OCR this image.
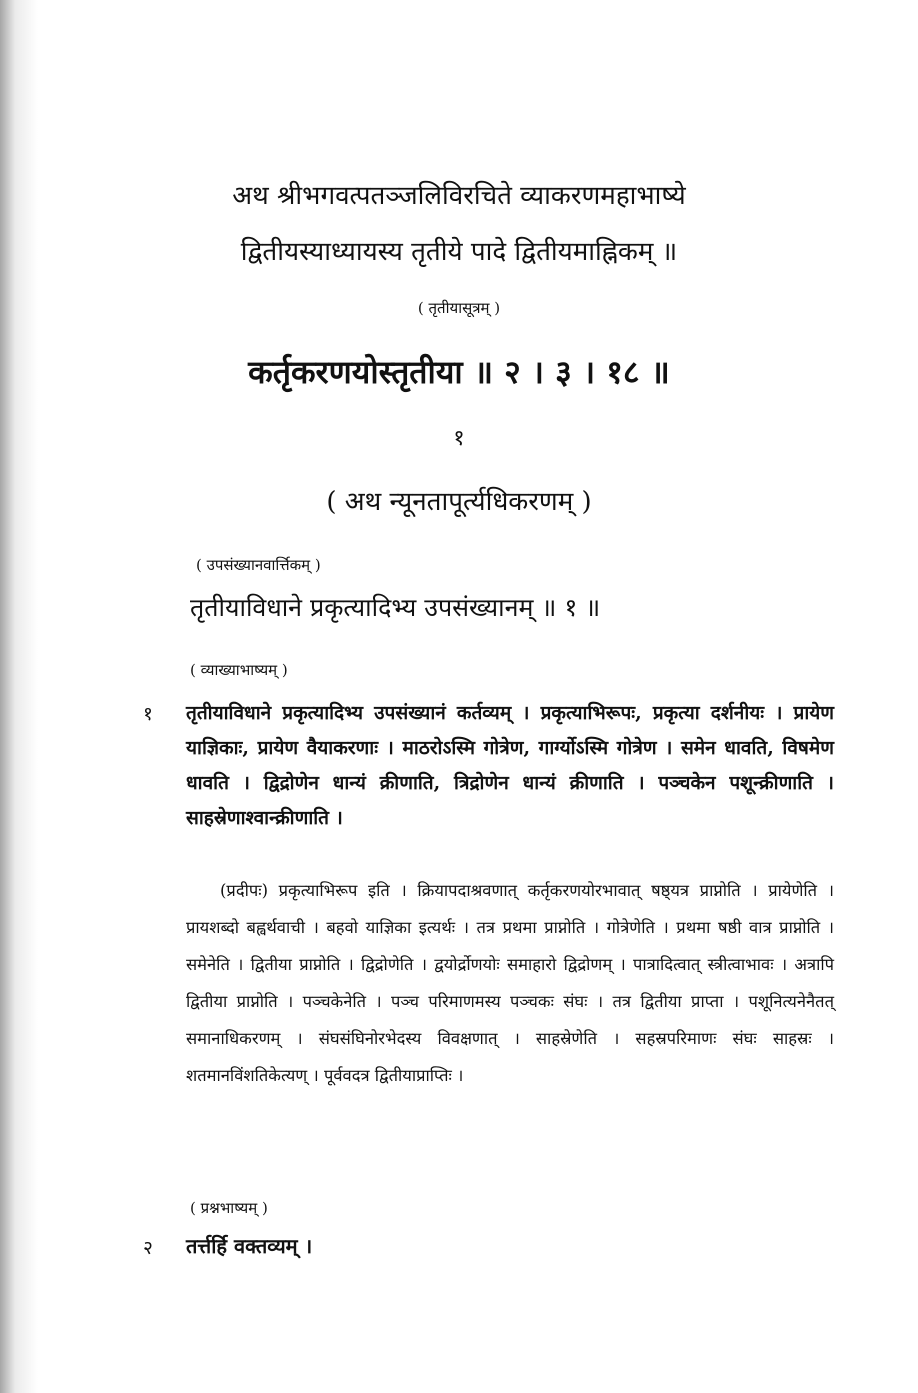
अथ श्रीभगवत्पतञ्जलिविरचिते व्याकरणमहाभाष्ये
द्वितीयस्याध्यायस्य तृतीये पादे द्वितीयमाह्निकम् ॥
( तृतीयासूत्रम् )
कर्तृकरणयोस्तृतीया ॥ २ । ३ । १८ ॥
१
( अथ न्यूनतापूर्त्यधिकरणम् )
( उपसंख्यानवार्त्तिकम् )
तृतीयाविधाने प्रकृत्यादिभ्य उपसंख्यानम् ॥ १ ॥
( व्याख्याभाष्यम् )
१ तृतीयाविधाने प्रकृत्यादिभ्य उपसंख्यानं कर्तव्यम् । प्रकृत्याभिरूपः, प्रकृत्या दर्शनीयः । प्रायेण याज्ञिकाः, प्रायेण वैयाकरणाः । माठरोऽस्मि गोत्रेण, गार्ग्योऽस्मि गोत्रेण । समेन धावति, विषमेण धावति । द्विद्रोणेन धान्यं क्रीणाति, त्रिद्रोणेन धान्यं क्रीणाति । पञ्चकेन पशून्क्रीणाति । साहस्रेणाश्वान्क्रीणाति ।

(प्रदीपः) प्रकृत्याभिरूप इति । क्रियापदाश्रवणात् कर्तृकरणयोरभावात् षष्ठ्यत्र प्राप्नोति । प्रायेणेति । प्रायशब्दो बह्वर्थवाची । बहवो याज्ञिका इत्यर्थः । तत्र प्रथमा प्राप्नोति । गोत्रेणेति । प्रथमा षष्ठी वात्र प्राप्नोति । समेनेति । द्वितीया प्राप्नोति । द्विद्रोणेति । द्वयोर्द्रोणयोः समाहारो द्विद्रोणम् । पात्रादित्वात् स्त्रीत्वाभावः । अत्रापि द्वितीया प्राप्नोति । पञ्चकेनेति । पञ्च परिमाणमस्य पञ्चकः संघः । तत्र द्वितीया प्राप्ता । पशूनित्यनेनैतत् समानाधिकरणम् । संघसंघिनोरभेदस्य विवक्षणात् । साहस्रेणेति । सहस्रपरिमाणः संघः साहस्रः । शतमानविंशतिकेत्यण् । पूर्ववदत्र द्वितीयाप्राप्तिः ।

( प्रश्नभाष्यम् )
२ तर्त्तर्हि वक्तव्यम् ।
